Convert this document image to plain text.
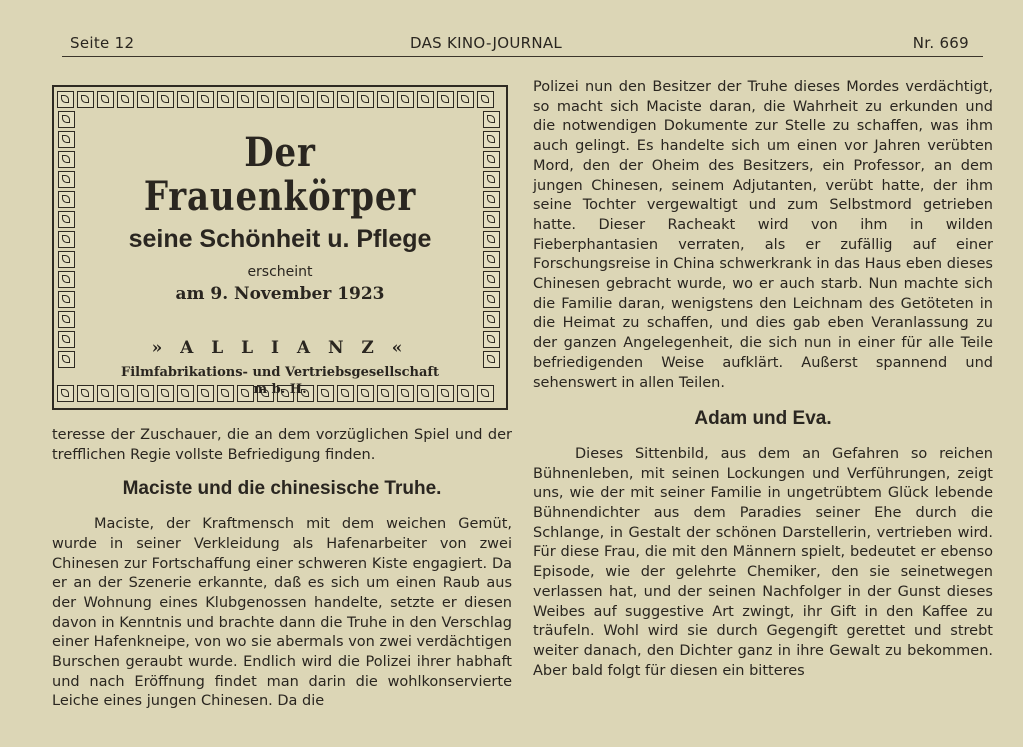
Seite 12	DAS KINO-JOURNAL	Nr. 669
Der Frauenkörper
seine Schönheit u. Pflege
erscheint
am 9. November 1923
» A L L I A N Z «
Filmfabrikations- und Vertriebsgesellschaft
m b. H.

teresse der Zuschauer, die an dem vorzüglichen Spiel und der trefflichen Regie vollste Befriedigung finden.

Maciste und die chinesische Truhe.

Maciste, der Kraftmensch mit dem weichen Gemüt, wurde in seiner Verkleidung als Hafenarbeiter von zwei Chinesen zur Fortschaffung einer schweren Kiste engagiert. Da er an der Szenerie erkannte, daß es sich um einen Raub aus der Wohnung eines Klubgenossen handelte, setzte er diesen davon in Kenntnis und brachte dann die Truhe in den Verschlag einer Hafenkneipe, von wo sie abermals von zwei verdächtigen Burschen geraubt wurde. Endlich wird die Polizei ihrer habhaft und nach Eröffnung findet man darin die wohlkonservierte Leiche eines jungen Chinesen. Da die

Polizei nun den Besitzer der Truhe dieses Mordes verdächtigt, so macht sich Maciste daran, die Wahrheit zu erkunden und die notwendigen Dokumente zur Stelle zu schaffen, was ihm auch gelingt. Es handelte sich um einen vor Jahren verübten Mord, den der Oheim des Besitzers, ein Professor, an dem jungen Chinesen, seinem Adjutanten, verübt hatte, der ihm seine Tochter vergewaltigt und zum Selbstmord getrieben hatte. Dieser Racheakt wird von ihm in wilden Fieberphantasien verraten, als er zufällig auf einer Forschungsreise in China schwerkrank in das Haus eben dieses Chinesen gebracht wurde, wo er auch starb. Nun machte sich die Familie daran, wenigstens den Leichnam des Getöteten in die Heimat zu schaffen, und dies gab eben Veranlassung zu der ganzen Angelegenheit, die sich nun in einer für alle Teile befriedigenden Weise aufklärt. Außerst spannend und sehenswert in allen Teilen.

Adam und Eva.

Dieses Sittenbild, aus dem an Gefahren so reichen Bühnenleben, mit seinen Lockungen und Verführungen, zeigt uns, wie der mit seiner Familie in ungetrübtem Glück lebende Bühnendichter aus dem Paradies seiner Ehe durch die Schlange, in Gestalt der schönen Darstellerin, vertrieben wird. Für diese Frau, die mit den Männern spielt, bedeutet er ebenso Episode, wie der gelehrte Chemiker, den sie seinetwegen verlassen hat, und der seinen Nachfolger in der Gunst dieses Weibes auf suggestive Art zwingt, ihr Gift in den Kaffee zu träufeln. Wohl wird sie durch Gegengift gerettet und strebt weiter danach, den Dichter ganz in ihre Gewalt zu bekommen. Aber bald folgt für diesen ein bitteres
